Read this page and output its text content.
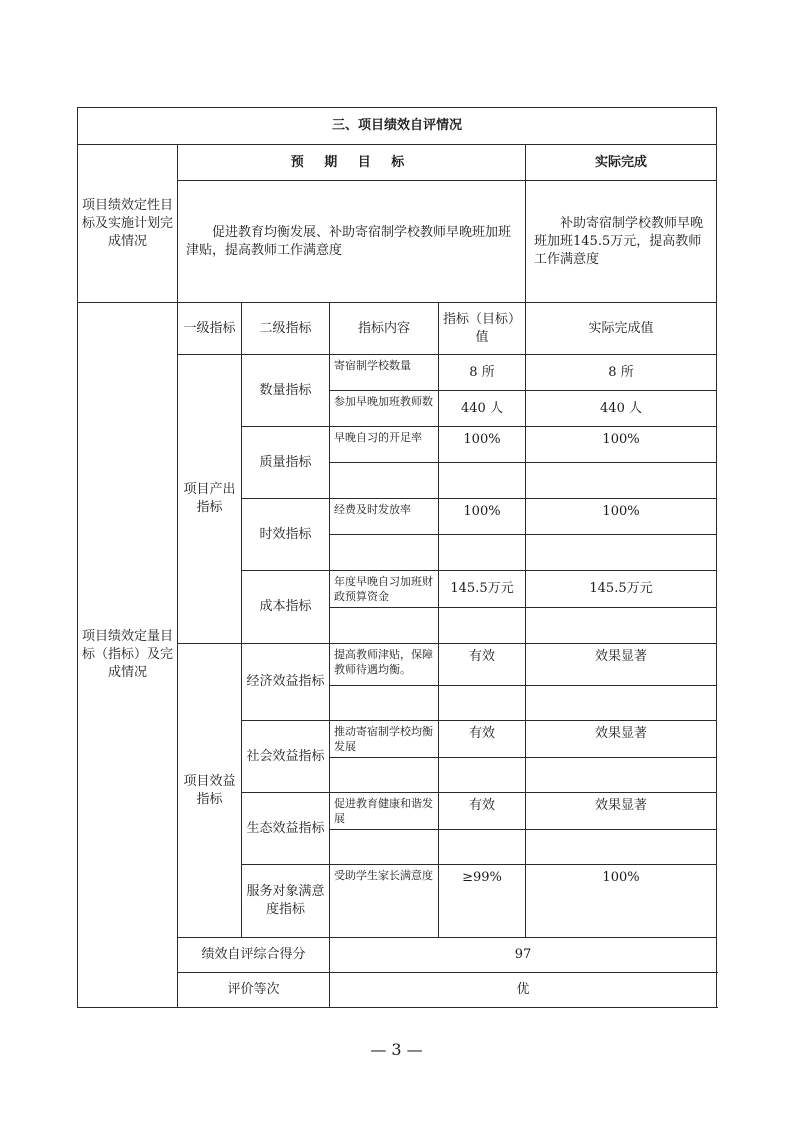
三、项目绩效自评情况					
项目绩效定性目标及实施计划完成情况	预 期 目 标				实际完成
	促进教育均衡发展、补助寄宿制学校教师早晚班加班津贴，提高教师工作满意度				补助寄宿制学校教师早晚班加班145.5万元，提高教师工作满意度
项目绩效定量目标（指标）及完成情况	一级指标	二级指标	指标内容	指标（目标）值	实际完成值
	项目产出指标	数量指标	寄宿制学校数量	8 所	8 所
			参加早晚加班教师数	440 人	440 人
		质量指标	早晚自习的开足率	100%	100%

		时效指标	经费及时发放率	100%	100%

		成本指标	年度早晚自习加班财政预算资金	145.5万元	145.5万元

	项目效益指标	经济效益指标	提高教师津贴，保障教师待遇均衡。	有效	效果显著

		社会效益指标	推动寄宿制学校均衡发展	有效	效果显著

		生态效益指标	促进教育健康和谐发展	有效	效果显著

		服务对象满意度指标	受助学生家长满意度	≥99%	100%
	绩效自评综合得分		97		
	评价等次		优		
— 3 —
